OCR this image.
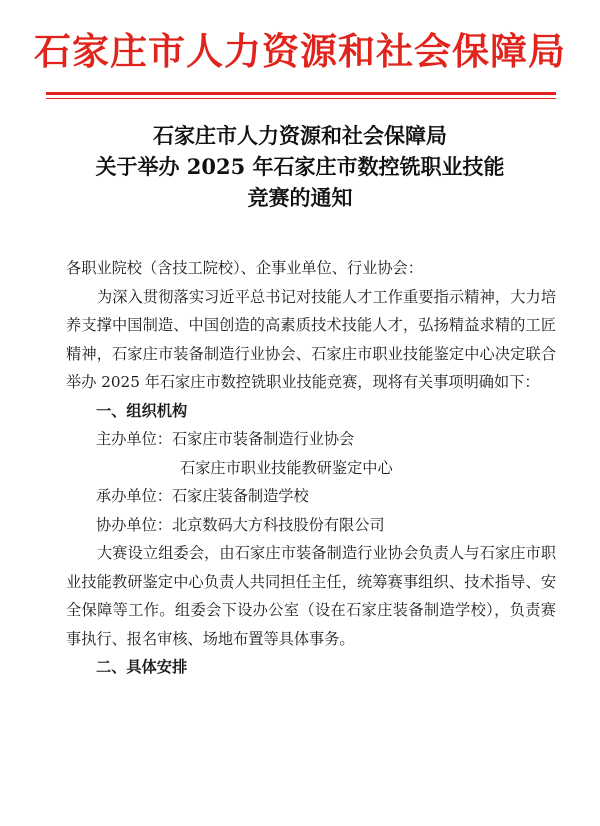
石家庄市人力资源和社会保障局
石家庄市人力资源和社会保障局
关于举办 2025 年石家庄市数控铣职业技能
竞赛的通知

各职业院校（含技工院校）、企事业单位、行业协会：

为深入贯彻落实习近平总书记对技能人才工作重要指示精神，大力培养支撑中国制造、中国创造的高素质技术技能人才，弘扬精益求精的工匠精神，石家庄市装备制造行业协会、石家庄市职业技能鉴定中心决定联合举办 2025 年石家庄市数控铣职业技能竞赛，现将有关事项明确如下：

一、组织机构

主办单位：石家庄市装备制造行业协会

石家庄市职业技能教研鉴定中心

承办单位：石家庄装备制造学校

协办单位：北京数码大方科技股份有限公司

大赛设立组委会，由石家庄市装备制造行业协会负责人与石家庄市职业技能教研鉴定中心负责人共同担任主任，统筹赛事组织、技术指导、安全保障等工作。组委会下设办公室（设在石家庄装备制造学校），负责赛事执行、报名审核、场地布置等具体事务。

二、具体安排
